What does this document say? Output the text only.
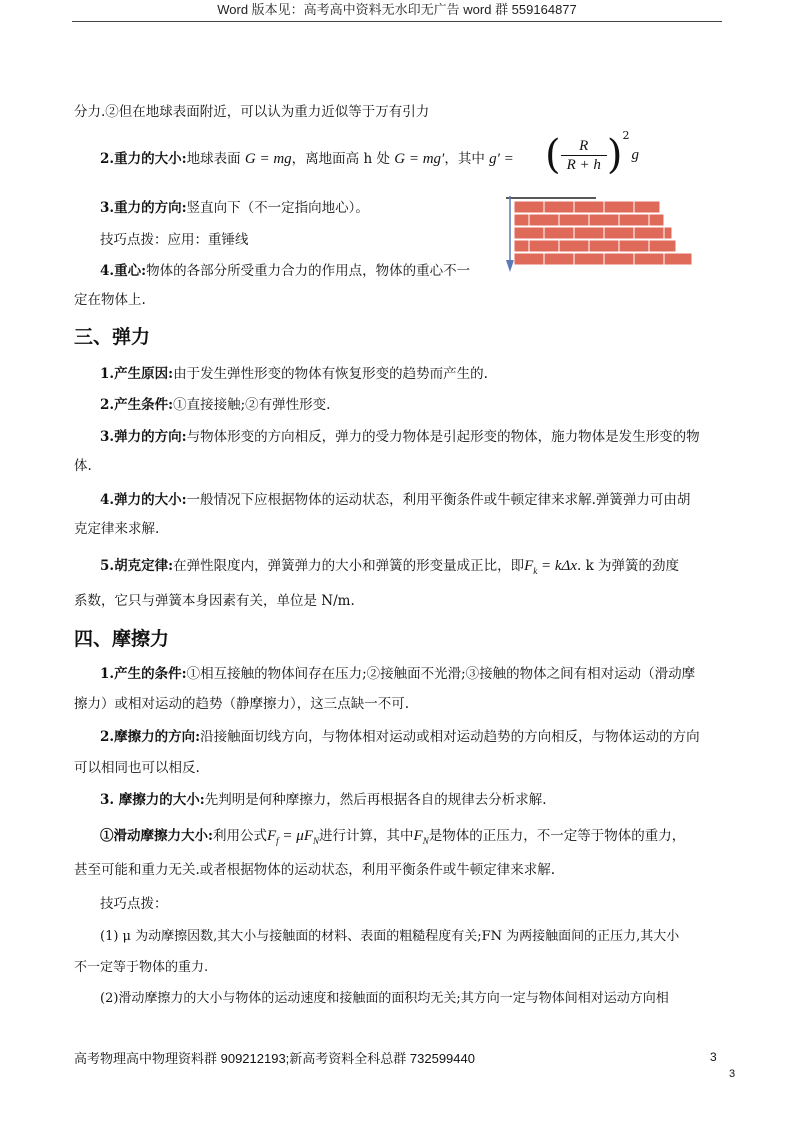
Word 版本见：高考高中资料无水印无广告 word 群 559164877
分力.②但在地球表面附近，可以认为重力近似等于万有引力
2.重力的大小:地球表面 G = mg，离地面高 h 处 G = mg′，其中 g′ = ( $\frac{R}{R + h} )^2g$
3.重力的方向:竖直向下（不一定指向地心）。
技巧点拨：应用：重锤线
4.重心:物体的各部分所受重力合力的作用点，物体的重心不一
定在物体上.
三、弹力
1.产生原因:由于发生弹性形变的物体有恢复形变的趋势而产生的.
2.产生条件:①直接接触;②有弹性形变.
3.弹力的方向:与物体形变的方向相反，弹力的受力物体是引起形变的物体，施力物体是发生形变的物
体.
4.弹力的大小:一般情况下应根据物体的运动状态，利用平衡条件或牛顿定律来求解.弹簧弹力可由胡
克定律来求解.
5.胡克定律:在弹性限度内，弹簧弹力的大小和弹簧的形变量成正比，即$F_k = k\Delta x$. k 为弹簧的劲度
系数，它只与弹簧本身因素有关，单位是 N/m.
四、摩擦力
1.产生的条件:①相互接触的物体间存在压力;②接触面不光滑;③接触的物体之间有相对运动（滑动摩
擦力）或相对运动的趋势（静摩擦力），这三点缺一不可.
2.摩擦力的方向:沿接触面切线方向，与物体相对运动或相对运动趋势的方向相反，与物体运动的方向
可以相同也可以相反.
3. 摩擦力的大小:先判明是何种摩擦力，然后再根据各自的规律去分析求解.
①滑动摩擦力大小:利用公式$F_f = \mu F_N$进行计算，其中$F_N$是物体的正压力，不一定等于物体的重力，
甚至可能和重力无关.或者根据物体的运动状态，利用平衡条件或牛顿定律来求解.
技巧点拨：
(1) μ 为动摩擦因数,其大小与接触面的材料、表面的粗糙程度有关;FN 为两接触面间的正压力,其大小
不一定等于物体的重力.
(2)滑动摩擦力的大小与物体的运动速度和接触面的面积均无关;其方向一定与物体间相对运动方向相
高考物理高中物理资料群 909212193;新高考资料全科总群 732599440	3
3
